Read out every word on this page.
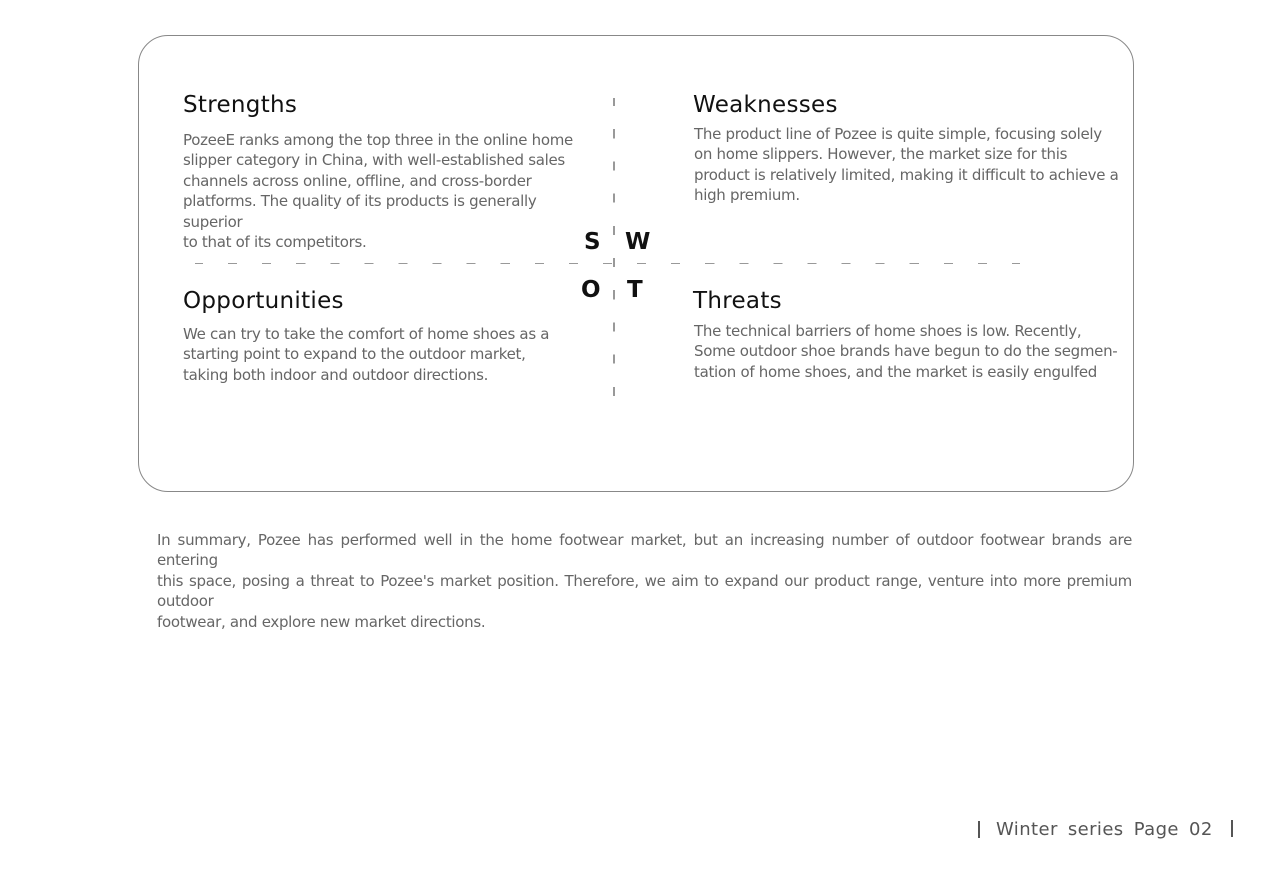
Strengths
PozeeE ranks among the top three in the online home
slipper category in China, with well-established sales
channels across online, offline, and cross-border
platforms. The quality of its products is generally superior
to that of its competitors.
Weaknesses
The product line of Pozee is quite simple, focusing solely
on home slippers. However, the market size for this
product is relatively limited, making it difficult to achieve a
high premium.
Opportunities
We can try to take the comfort of home shoes as a
starting point to expand to the outdoor market,
taking both indoor and outdoor directions.
Threats
The technical barriers of home shoes is low. Recently,
Some outdoor shoe brands have begun to do the segmen-
tation of home shoes, and the market is easily engulfed
S W
O T
In summary, Pozee has performed well in the home footwear market, but an increasing number of outdoor footwear brands are entering
this space, posing a threat to Pozee's market position. Therefore, we aim to expand our product range, venture into more premium outdoor
footwear, and explore new market directions.
Winter series Page 02
